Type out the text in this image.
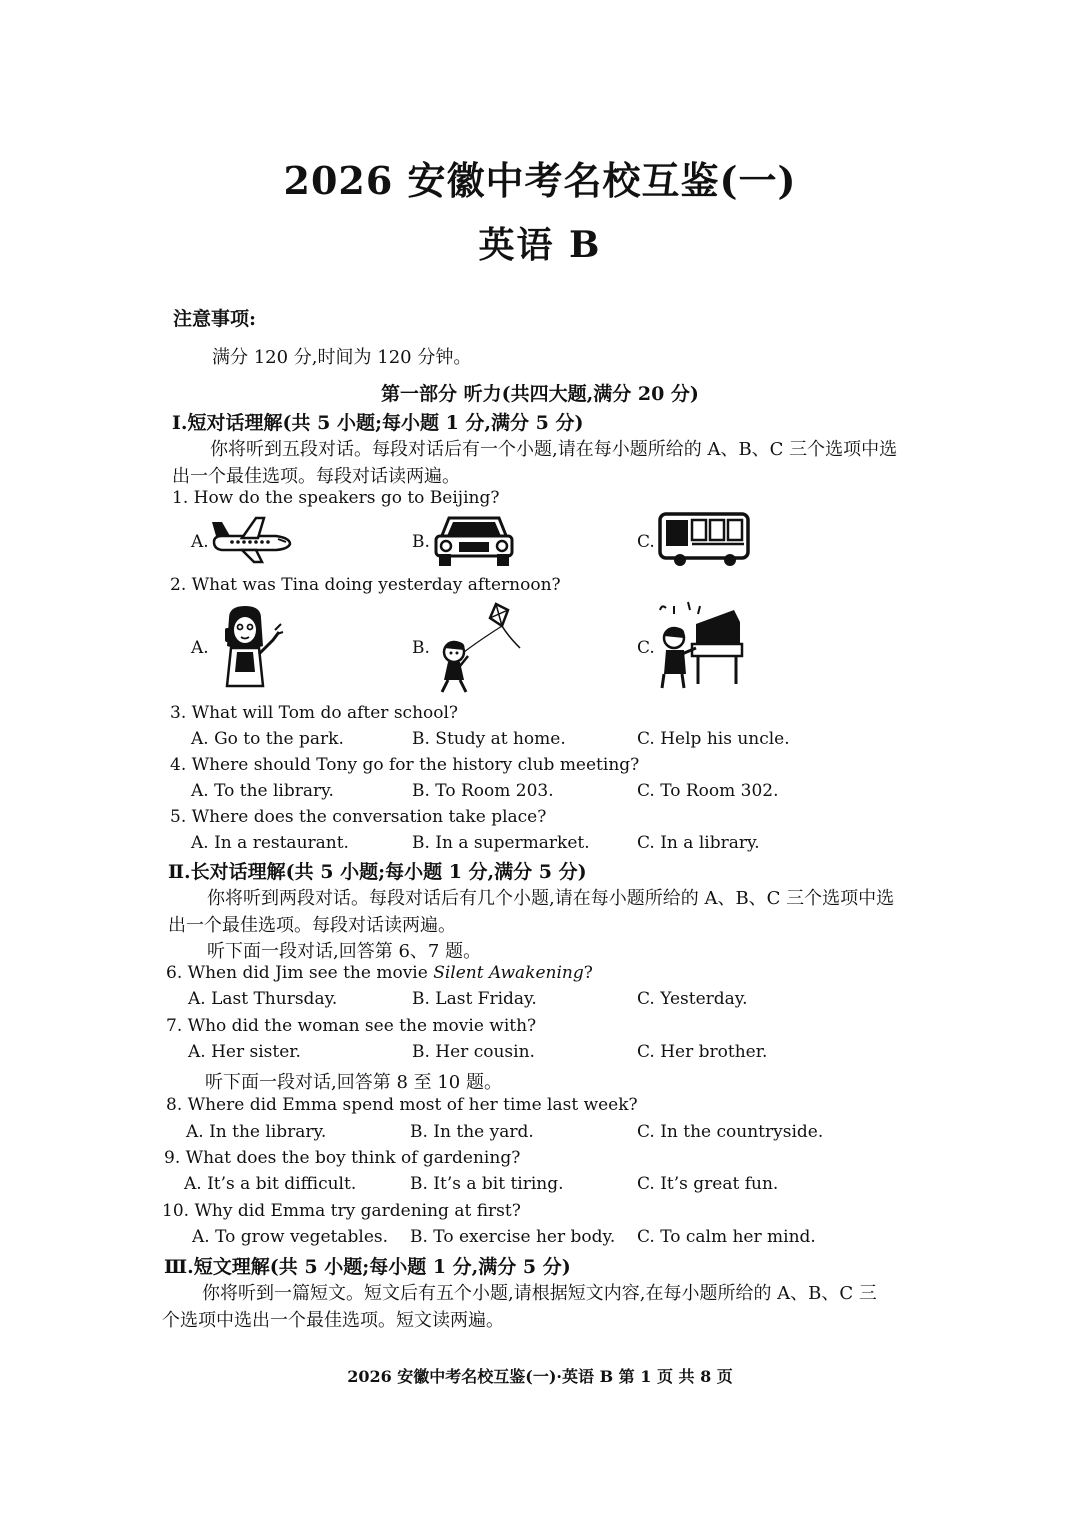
2026 安徽中考名校互鉴(一)
英语 B
注意事项:
满分 120 分,时间为 120 分钟。
第一部分 听力(共四大题,满分 20 分)
Ⅰ.短对话理解(共 5 小题;每小题 1 分,满分 5 分)
你将听到五段对话。每段对话后有一个小题,请在每小题所给的 A、B、C 三个选项中选
出一个最佳选项。每段对话读两遍。
1. How do the speakers go to Beijing?
A.	B.	C.
2. What was Tina doing yesterday afternoon?
A.	B.	C.
3. What will Tom do after school?
A. Go to the park.	B. Study at home.	C. Help his uncle.
4. Where should Tony go for the history club meeting?
A. To the library.	B. To Room 203.	C. To Room 302.
5. Where does the conversation take place?
A. In a restaurant.	B. In a supermarket.	C. In a library.
Ⅱ.长对话理解(共 5 小题;每小题 1 分,满分 5 分)
你将听到两段对话。每段对话后有几个小题,请在每小题所给的 A、B、C 三个选项中选
出一个最佳选项。每段对话读两遍。
听下面一段对话,回答第 6、7 题。
6. When did Jim see the movie Silent Awakening?
A. Last Thursday.	B. Last Friday.	C. Yesterday.
7. Who did the woman see the movie with?
A. Her sister.	B. Her cousin.	C. Her brother.
听下面一段对话,回答第 8 至 10 题。
8. Where did Emma spend most of her time last week?
A. In the library.	B. In the yard.	C. In the countryside.
9. What does the boy think of gardening?
A. It’s a bit difficult.	B. It’s a bit tiring.	C. It’s great fun.
10. Why did Emma try gardening at first?
A. To grow vegetables. B. To exercise her body. C. To calm her mind.
Ⅲ.短文理解(共 5 小题;每小题 1 分,满分 5 分)
你将听到一篇短文。短文后有五个小题,请根据短文内容,在每小题所给的 A、B、C 三
个选项中选出一个最佳选项。短文读两遍。
2026 安徽中考名校互鉴(一)·英语 B 第 1 页 共 8 页
